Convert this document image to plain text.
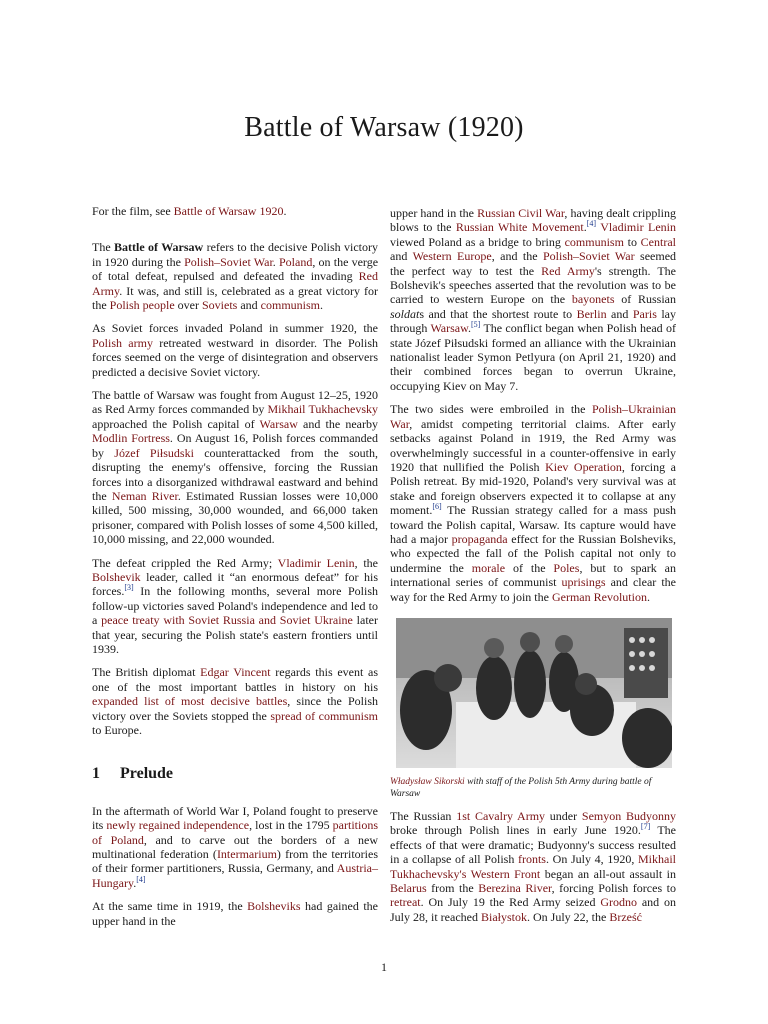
Battle of Warsaw (1920)

For the film, see Battle of Warsaw 1920.

The Battle of Warsaw refers to the decisive Polish victory in 1920 during the Polish–Soviet War. Poland, on the verge of total defeat, repulsed and defeated the invading Red Army. It was, and still is, celebrated as a great victory for the Polish people over Soviets and communism.

As Soviet forces invaded Poland in summer 1920, the Polish army retreated westward in disorder. The Polish forces seemed on the verge of disintegration and observers predicted a decisive Soviet victory.

The battle of Warsaw was fought from August 12–25, 1920 as Red Army forces commanded by Mikhail Tukhachevsky approached the Polish capital of Warsaw and the nearby Modlin Fortress. On August 16, Polish forces commanded by Józef Piłsudski counterattacked from the south, disrupting the enemy's offensive, forcing the Russian forces into a disorganized withdrawal eastward and behind the Neman River. Estimated Russian losses were 10,000 killed, 500 missing, 30,000 wounded, and 66,000 taken prisoner, compared with Polish losses of some 4,500 killed, 10,000 missing, and 22,000 wounded.

The defeat crippled the Red Army; Vladimir Lenin, the Bolshevik leader, called it “an enormous defeat” for his forces.[3] In the following months, several more Polish follow-up victories saved Poland's independence and led to a peace treaty with Soviet Russia and Soviet Ukraine later that year, securing the Polish state's eastern frontiers until 1939.

The British diplomat Edgar Vincent regards this event as one of the most important battles in history on his expanded list of most decisive battles, since the Polish victory over the Soviets stopped the spread of communism to Europe.

1 Prelude

In the aftermath of World War I, Poland fought to preserve its newly regained independence, lost in the 1795 partitions of Poland, and to carve out the borders of a new multinational federation (Intermarium) from the territories of their former partitioners, Russia, Germany, and Austria–Hungary.[4]

At the same time in 1919, the Bolsheviks had gained the upper hand in the

upper hand in the Russian Civil War, having dealt crippling blows to the Russian White Movement.[4] Vladimir Lenin viewed Poland as a bridge to bring communism to Central and Western Europe, and the Polish–Soviet War seemed the perfect way to test the Red Army's strength. The Bolshevik's speeches asserted that the revolution was to be carried to western Europe on the bayonets of Russian soldats and that the shortest route to Berlin and Paris lay through Warsaw.[5] The conflict began when Polish head of state Józef Piłsudski formed an alliance with the Ukrainian nationalist leader Symon Petlyura (on April 21, 1920) and their combined forces began to overrun Ukraine, occupying Kiev on May 7.

The two sides were embroiled in the Polish–Ukrainian War, amidst competing territorial claims. After early setbacks against Poland in 1919, the Red Army was overwhelmingly successful in a counter-offensive in early 1920 that nullified the Polish Kiev Operation, forcing a Polish retreat. By mid-1920, Poland's very survival was at stake and foreign observers expected it to collapse at any moment.[6] The Russian strategy called for a mass push toward the Polish capital, Warsaw. Its capture would have had a major propaganda effect for the Russian Bolsheviks, who expected the fall of the Polish capital not only to undermine the morale of the Poles, but to spark an international series of communist uprisings and clear the way for the Red Army to join the German Revolution.

Władysław Sikorski with staff of the Polish 5th Army during battle of Warsaw

The Russian 1st Cavalry Army under Semyon Budyonny broke through Polish lines in early June 1920.[7] The effects of that were dramatic; Budyonny's success resulted in a collapse of all Polish fronts. On July 4, 1920, Mikhail Tukhachevsky's Western Front began an all-out assault in Belarus from the Berezina River, forcing Polish forces to retreat. On July 19 the Red Army seized Grodno and on July 28, it reached Białystok. On July 22, the Brześć

1
